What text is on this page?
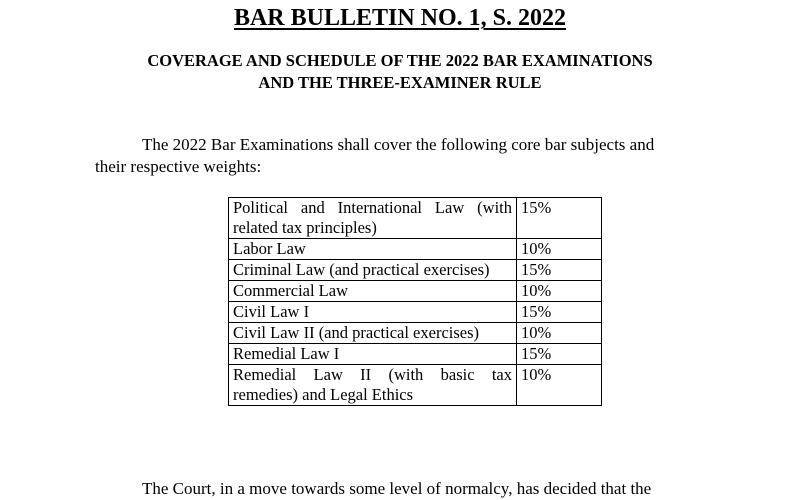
BAR BULLETIN NO. 1, S. 2022
COVERAGE AND SCHEDULE OF THE 2022 BAR EXAMINATIONS
AND THE THREE-EXAMINER RULE
The 2022 Bar Examinations shall cover the following core bar subjects and
their respective weights:
Political and International Law (with related tax principles)	15%
Labor Law	10%
Criminal Law (and practical exercises)	15%
Commercial Law	10%
Civil Law I	15%
Civil Law II (and practical exercises)	10%
Remedial Law I	15%
Remedial Law II (with basic tax remedies) and Legal Ethics	10%
The Court, in a move towards some level of normalcy, has decided that the
